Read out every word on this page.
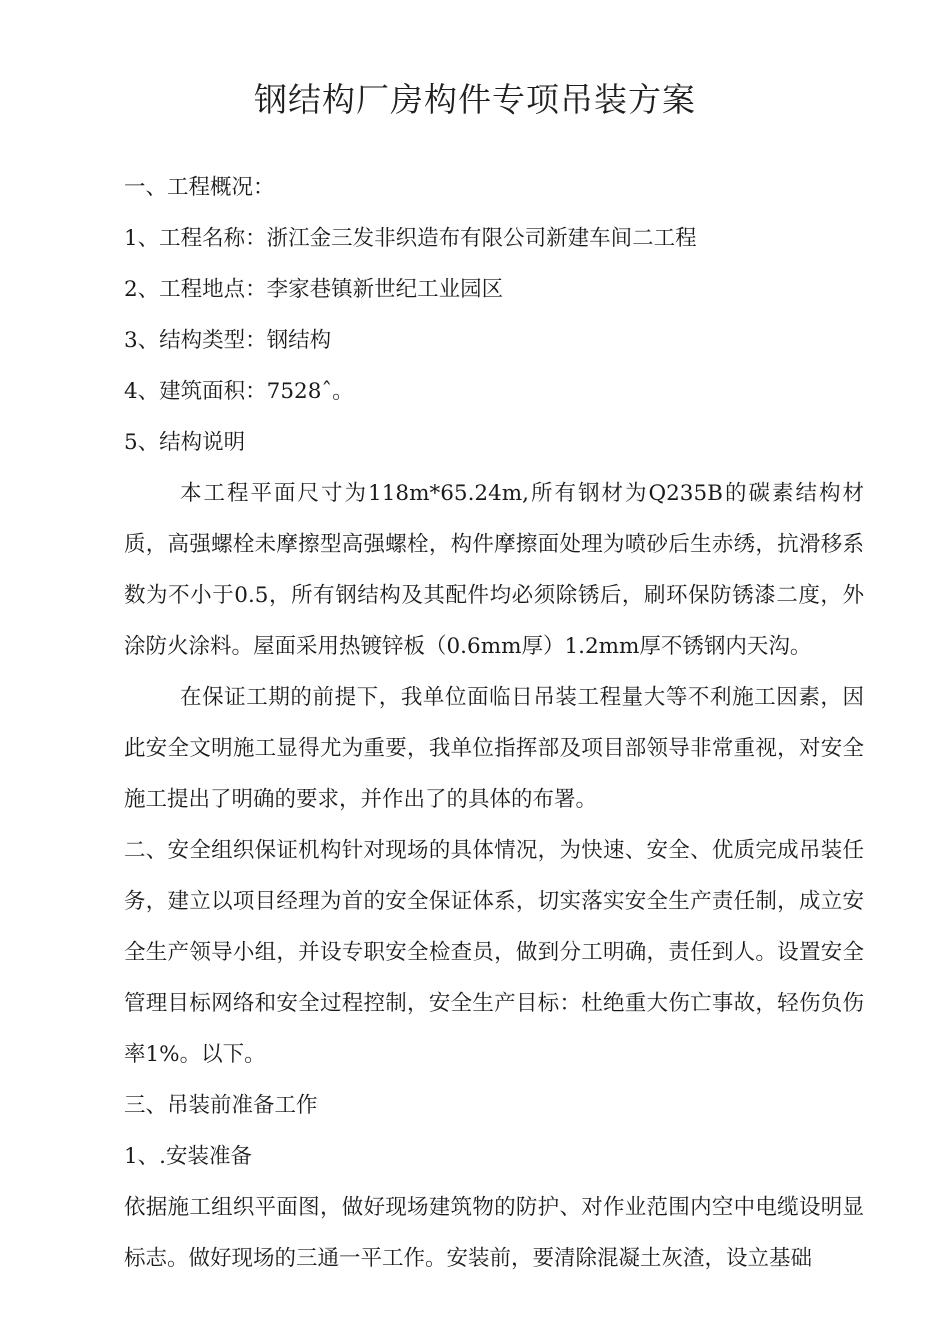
钢结构厂房构件专项吊装方案
一、工程概况：
1、工程名称：浙江金三发非织造布有限公司新建车间二工程
2、工程地点：李家巷镇新世纪工业园区
3、结构类型：钢结构
4、建筑面积：7528ˆ。
5、结构说明

本工程平面尺寸为118m*65.24m,所有钢材为Q235B的碳素结构材质，高强螺栓未摩擦型高强螺栓，构件摩擦面处理为喷砂后生赤绣，抗滑移系数为不小于0.5，所有钢结构及其配件均必须除锈后，刷环保防锈漆二度，外涂防火涂料。屋面采用热镀锌板（0.6mm厚）1.2mm厚不锈钢内天沟。

在保证工期的前提下，我单位面临日吊装工程量大等不利施工因素，因此安全文明施工显得尤为重要，我单位指挥部及项目部领导非常重视，对安全施工提出了明确的要求，并作出了的具体的布署。

二、安全组织保证机构针对现场的具体情况，为快速、安全、优质完成吊装任务，建立以项目经理为首的安全保证体系，切实落实安全生产责任制，成立安全生产领导小组，并设专职安全检查员，做到分工明确，责任到人。设置安全管理目标网络和安全过程控制，安全生产目标：杜绝重大伤亡事故，轻伤负伤率1%。以下。

三、吊装前准备工作
1、.安装准备

依据施工组织平面图，做好现场建筑物的防护、对作业范围内空中电缆设明显标志。做好现场的三通一平工作。安装前，要清除混凝土灰渣，设立基础
